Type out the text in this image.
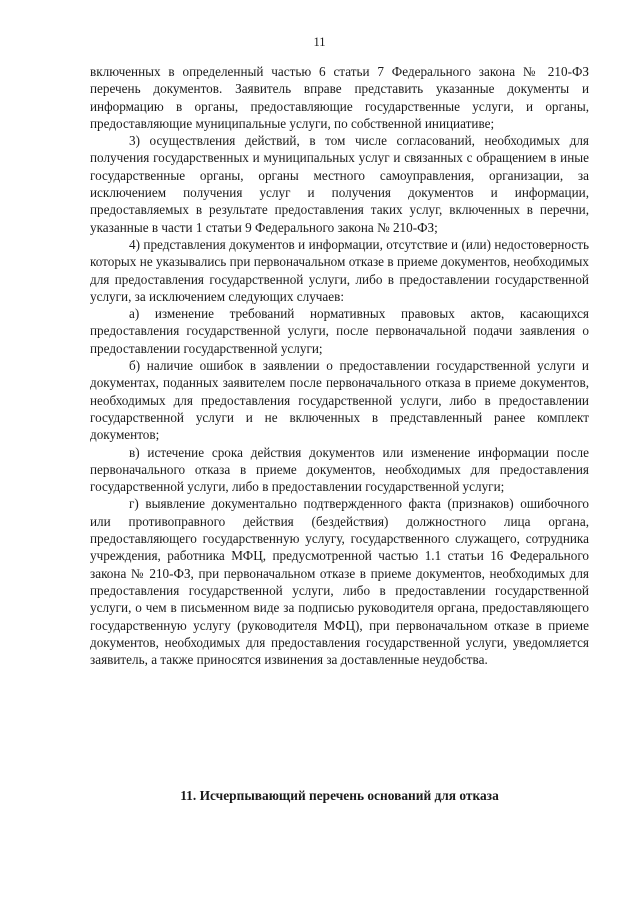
11

включенных в определенный частью 6 статьи 7 Федерального закона № 210-ФЗ перечень документов. Заявитель вправе представить указанные документы и информацию в органы, предоставляющие государственные услуги, и органы, предоставляющие муниципальные услуги, по собственной инициативе;

3) осуществления действий, в том числе согласований, необходимых для получения государственных и муниципальных услуг и связанных с обращением в иные государственные органы, органы местного самоуправления, организации, за исключением получения услуг и получения документов и информации, предоставляемых в результате предоставления таких услуг, включенных в перечни, указанные в части 1 статьи 9 Федерального закона № 210-ФЗ;

4) представления документов и информации, отсутствие и (или) недостоверность которых не указывались при первоначальном отказе в приеме документов, необходимых для предоставления государственной услуги, либо в предоставлении государственной услуги, за исключением следующих случаев:

а) изменение требований нормативных правовых актов, касающихся предоставления государственной услуги, после первоначальной подачи заявления о предоставлении государственной услуги;

б) наличие ошибок в заявлении о предоставлении государственной услуги и документах, поданных заявителем после первоначального отказа в приеме документов, необходимых для предоставления государственной услуги, либо в предоставлении государственной услуги и не включенных в представленный ранее комплект документов;

в) истечение срока действия документов или изменение информации после первоначального отказа в приеме документов, необходимых для предоставления государственной услуги, либо в предоставлении государственной услуги;

г) выявление документально подтвержденного факта (признаков) ошибочного или противоправного действия (бездействия) должностного лица органа, предоставляющего государственную услугу, государственного служащего, сотрудника учреждения, работника МФЦ, предусмотренной частью 1.1 статьи 16 Федерального закона № 210-ФЗ, при первоначальном отказе в приеме документов, необходимых для предоставления государственной услуги, либо в предоставлении государственной услуги, о чем в письменном виде за подписью руководителя органа, предоставляющего государственную услугу (руководителя МФЦ), при первоначальном отказе в приеме документов, необходимых для предоставления государственной услуги, уведомляется заявитель, а также приносятся извинения за доставленные неудобства.

11. Исчерпывающий перечень оснований для отказа
